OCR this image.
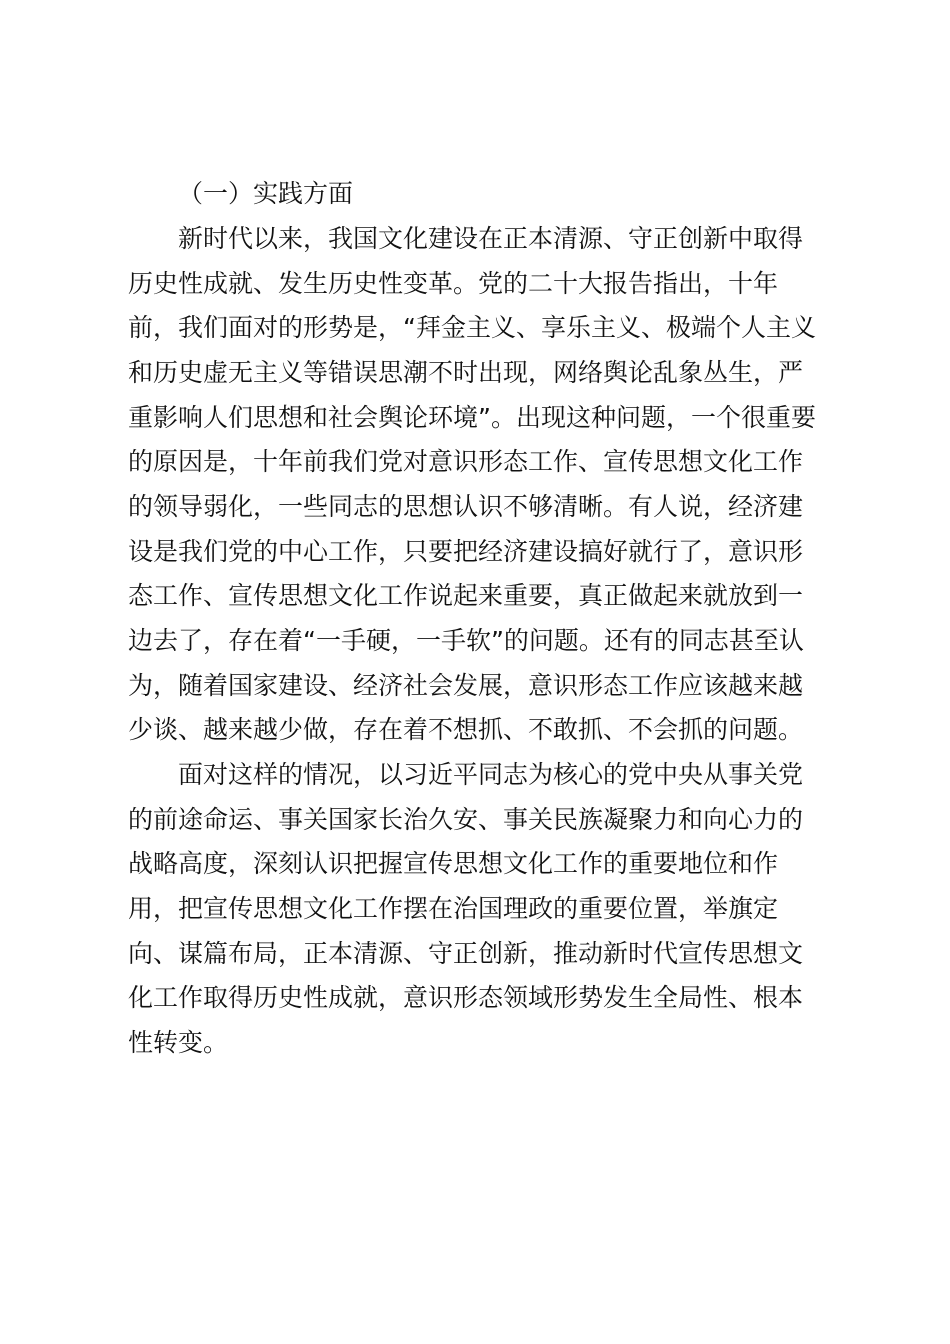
（一）实践方面
新时代以来，我国文化建设在正本清源、守正创新中取得
历史性成就、发生历史性变革。党的二十大报告指出，十年
前，我们面对的形势是，“拜金主义、享乐主义、极端个人主义
和历史虚无主义等错误思潮不时出现，网络舆论乱象丛生，严
重影响人们思想和社会舆论环境”。出现这种问题，一个很重要
的原因是，十年前我们党对意识形态工作、宣传思想文化工作
的领导弱化，一些同志的思想认识不够清晰。有人说，经济建
设是我们党的中心工作，只要把经济建设搞好就行了，意识形
态工作、宣传思想文化工作说起来重要，真正做起来就放到一
边去了，存在着“一手硬，一手软”的问题。还有的同志甚至认
为，随着国家建设、经济社会发展，意识形态工作应该越来越
少谈、越来越少做，存在着不想抓、不敢抓、不会抓的问题。
面对这样的情况，以习近平同志为核心的党中央从事关党
的前途命运、事关国家长治久安、事关民族凝聚力和向心力的
战略高度，深刻认识把握宣传思想文化工作的重要地位和作
用，把宣传思想文化工作摆在治国理政的重要位置，举旗定
向、谋篇布局，正本清源、守正创新，推动新时代宣传思想文
化工作取得历史性成就，意识形态领域形势发生全局性、根本
性转变。
